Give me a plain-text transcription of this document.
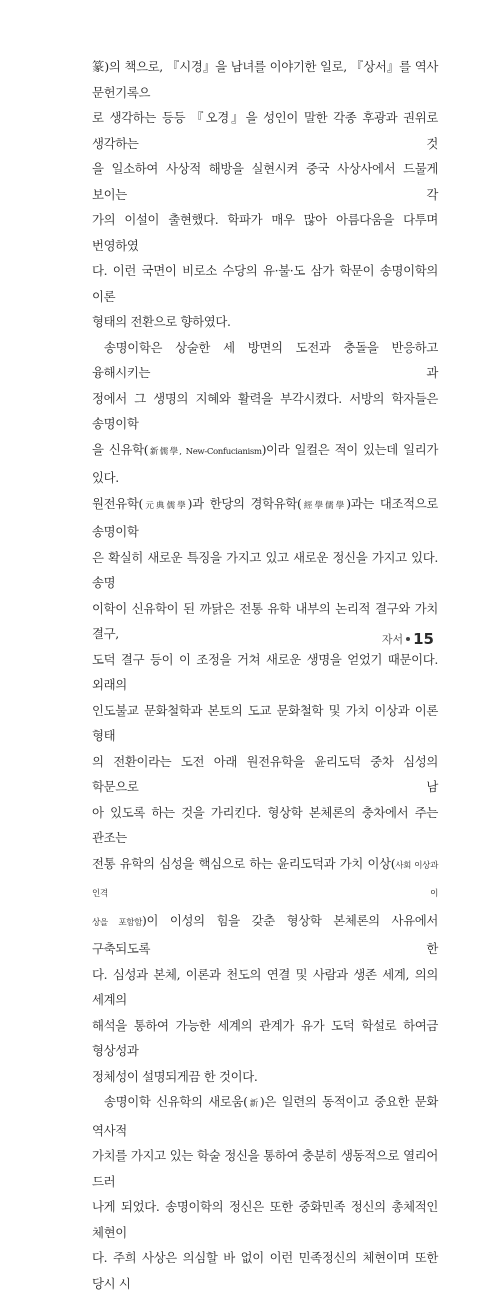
篆)의 책으로, 『시경』을 남녀를 이야기한 일로, 『상서』를 역사 문헌기록으

로 생각하는 등등 『오경』을 성인이 말한 각종 후광과 권위로 생각하는 것

을 일소하여 사상적 해방을 실현시켜 중국 사상사에서 드물게 보이는 각

가의 이설이 출현했다. 학파가 매우 많아 아름다움을 다투며 번영하였

다. 이런 국면이 비로소 수당의 유·불·도 삼가 학문이 송명이학의 이론

형태의 전환으로 향하였다.

송명이학은 상술한 세 방면의 도전과 충돌을 반응하고 융해시키는 과

정에서 그 생명의 지혜와 활력을 부각시켰다. 서방의 학자들은 송명이학

을 신유학(新儒學, New-Confucianism)이라 일컬은 적이 있는데 일리가 있다.

원전유학(元典儒學)과 한당의 경학유학(經學儒學)과는 대조적으로 송명이학

은 확실히 새로운 특징을 가지고 있고 새로운 정신을 가지고 있다. 송명

이학이 신유학이 된 까닭은 전통 유학 내부의 논리적 결구와 가치 결구,

도덕 결구 등이 이 조정을 거쳐 새로운 생명을 얻었기 때문이다. 외래의

인도불교 문화철학과 본토의 도교 문화철학 및 가치 이상과 이론 형태

의 전환이라는 도전 아래 원전유학을 윤리도덕 중차 심성의 학문으로 남

아 있도록 하는 것을 가리킨다. 형상학 본체론의 충차에서 주는 관조는

전통 유학의 심성을 핵심으로 하는 윤리도덕과 가치 이상(사회 이상과 인격 이

상을 포함함)이 이성의 힘을 갖춘 형상학 본체론의 사유에서 구축되도록 한

다. 심성과 본체, 이론과 천도의 연결 및 사람과 생존 세계, 의의 세계의

해석을 통하여 가능한 세계의 관계가 유가 도덕 학설로 하여금 형상성과

정체성이 설명되게끔 한 것이다.

송명이학 신유학의 새로움(新)은 일련의 동적이고 중요한 문화 역사적

가치를 가지고 있는 학술 정신을 통하여 충분히 생동적으로 열리어 드러

나게 되었다. 송명이학의 정신은 또한 중화민족 정신의 총체적인 체현이

다. 주희 사상은 의심할 바 없이 이런 민족정신의 체현이며 또한 당시 시

자서 15
